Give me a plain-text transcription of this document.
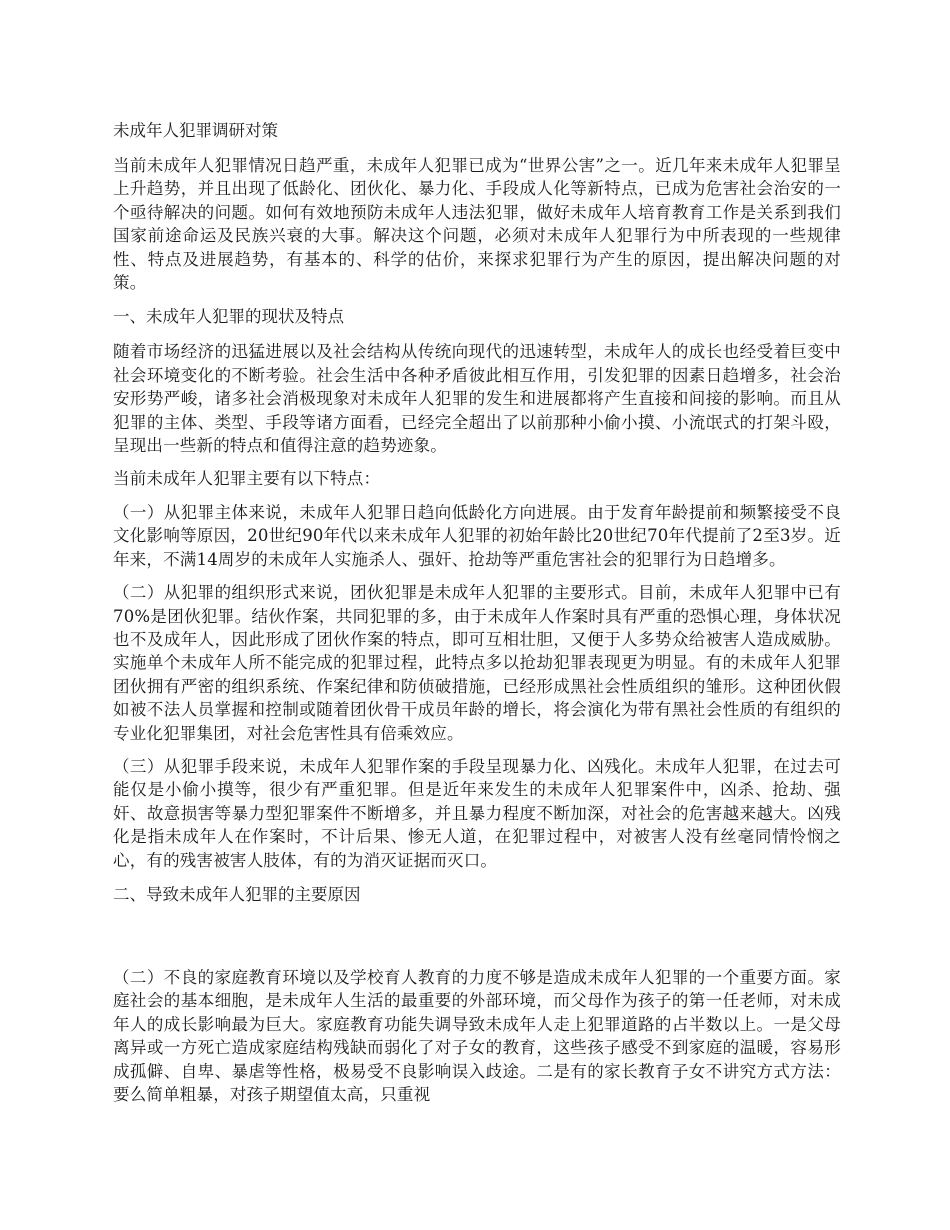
未成年人犯罪调研对策

当前未成年人犯罪情况日趋严重，未成年人犯罪已成为“世界公害”之一。近几年来未成年人犯罪呈上升趋势，并且出现了低龄化、团伙化、暴力化、手段成人化等新特点，已成为危害社会治安的一个亟待解决的问题。如何有效地预防未成年人违法犯罪，做好未成年人培育教育工作是关系到我们国家前途命运及民族兴衰的大事。解决这个问题，必须对未成年人犯罪行为中所表现的一些规律性、特点及进展趋势，有基本的、科学的估价，来探求犯罪行为产生的原因，提出解决问题的对策。

一、未成年人犯罪的现状及特点

随着市场经济的迅猛进展以及社会结构从传统向现代的迅速转型，未成年人的成长也经受着巨变中社会环境变化的不断考验。社会生活中各种矛盾彼此相互作用，引发犯罪的因素日趋增多，社会治安形势严峻，诸多社会消极现象对未成年人犯罪的发生和进展都将产生直接和间接的影响。而且从犯罪的主体、类型、手段等诸方面看，已经完全超出了以前那种小偷小摸、小流氓式的打架斗殴，呈现出一些新的特点和值得注意的趋势迹象。

当前未成年人犯罪主要有以下特点：

（一）从犯罪主体来说，未成年人犯罪日趋向低龄化方向进展。由于发育年龄提前和频繁接受不良文化影响等原因，20世纪90年代以来未成年人犯罪的初始年龄比20世纪70年代提前了2至3岁。近年来，不满14周岁的未成年人实施杀人、强奸、抢劫等严重危害社会的犯罪行为日趋增多。

（二）从犯罪的组织形式来说，团伙犯罪是未成年人犯罪的主要形式。目前，未成年人犯罪中已有70%是团伙犯罪。结伙作案，共同犯罪的多，由于未成年人作案时具有严重的恐惧心理，身体状况也不及成年人，因此形成了团伙作案的特点，即可互相壮胆，又便于人多势众给被害人造成威胁。实施单个未成年人所不能完成的犯罪过程，此特点多以抢劫犯罪表现更为明显。有的未成年人犯罪团伙拥有严密的组织系统、作案纪律和防侦破措施，已经形成黑社会性质组织的雏形。这种团伙假如被不法人员掌握和控制或随着团伙骨干成员年龄的增长，将会演化为带有黑社会性质的有组织的专业化犯罪集团，对社会危害性具有倍乘效应。

（三）从犯罪手段来说，未成年人犯罪作案的手段呈现暴力化、凶残化。未成年人犯罪，在过去可能仅是小偷小摸等，很少有严重犯罪。但是近年来发生的未成年人犯罪案件中，凶杀、抢劫、强奸、故意损害等暴力型犯罪案件不断增多，并且暴力程度不断加深，对社会的危害越来越大。凶残化是指未成年人在作案时，不计后果、惨无人道，在犯罪过程中，对被害人没有丝毫同情怜悯之心，有的残害被害人肢体，有的为消灭证据而灭口。

二、导致未成年人犯罪的主要原因

（二）不良的家庭教育环境以及学校育人教育的力度不够是造成未成年人犯罪的一个重要方面。家庭社会的基本细胞，是未成年人生活的最重要的外部环境，而父母作为孩子的第一任老师，对未成年人的成长影响最为巨大。家庭教育功能失调导致未成年人走上犯罪道路的占半数以上。一是父母离异或一方死亡造成家庭结构残缺而弱化了对子女的教育，这些孩子感受不到家庭的温暖，容易形成孤僻、自卑、暴虐等性格，极易受不良影响误入歧途。二是有的家长教育子女不讲究方式方法：要么简单粗暴，对孩子期望值太高，只重视
